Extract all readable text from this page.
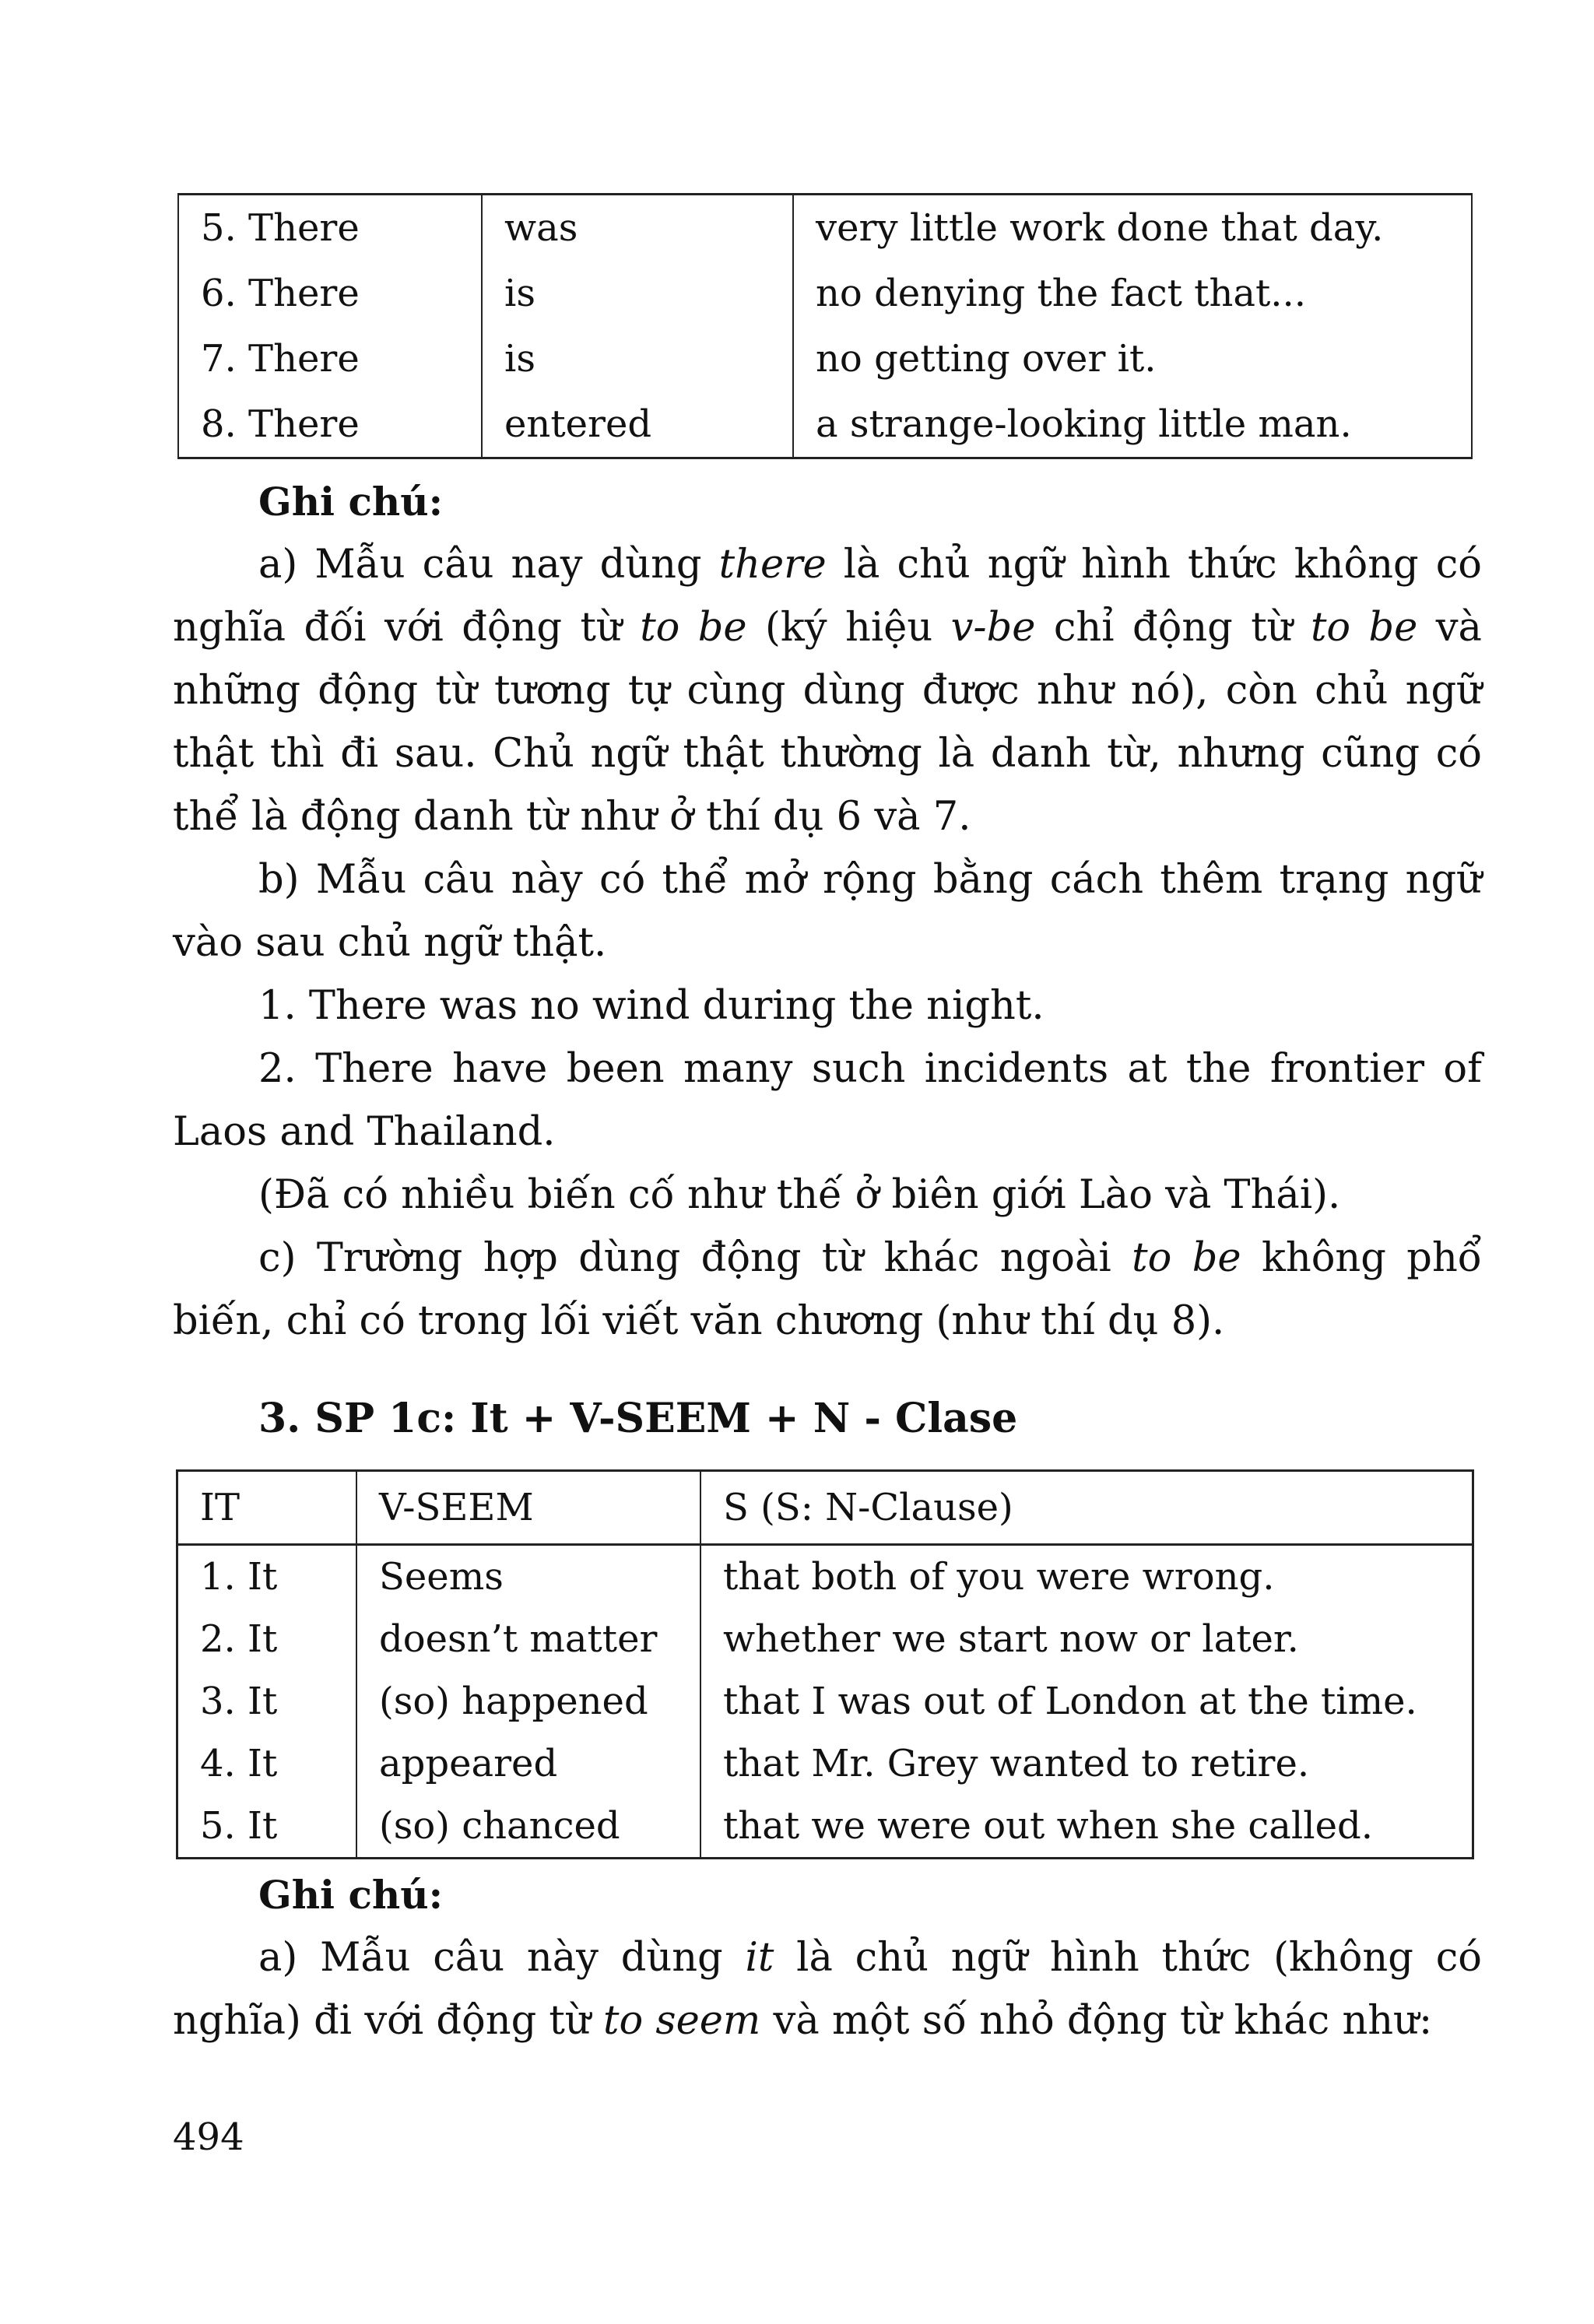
5. There	was	very little work done that day.
6. There	is	no denying the fact that...
7. There	is	no getting over it.
8. There	entered	a strange-looking little man.

Ghi chú:

a) Mẫu câu nay dùng there là chủ ngữ hình thức không có nghĩa đối với động từ to be (ký hiệu v-be chỉ động từ to be và những động từ tương tự cùng dùng được như nó), còn chủ ngữ thật thì đi sau. Chủ ngữ thật thường là danh từ, nhưng cũng có thể là động danh từ như ở thí dụ 6 và 7.

b) Mẫu câu này có thể mở rộng bằng cách thêm trạng ngữ vào sau chủ ngữ thật.

1. There was no wind during the night.

2. There have been many such incidents at the frontier of Laos and Thailand.

(Đã có nhiều biến cố như thế ở biên giới Lào và Thái).

c) Trường hợp dùng động từ khác ngoài to be không phổ biến, chỉ có trong lối viết văn chương (như thí dụ 8).

3. SP 1c: It + V-SEEM + N - Clase
IT	V-SEEM	S (S: N-Clause)
1. It	Seems	that both of you were wrong.
2. It	doesn’t matter	whether we start now or later.
3. It	(so) happened	that I was out of London at the time.
4. It	appeared	that Mr. Grey wanted to retire.
5. It	(so) chanced	that we were out when she called.

Ghi chú:

a) Mẫu câu này dùng it là chủ ngữ hình thức (không có nghĩa) đi với động từ to seem và một số nhỏ động từ khác như:

494
